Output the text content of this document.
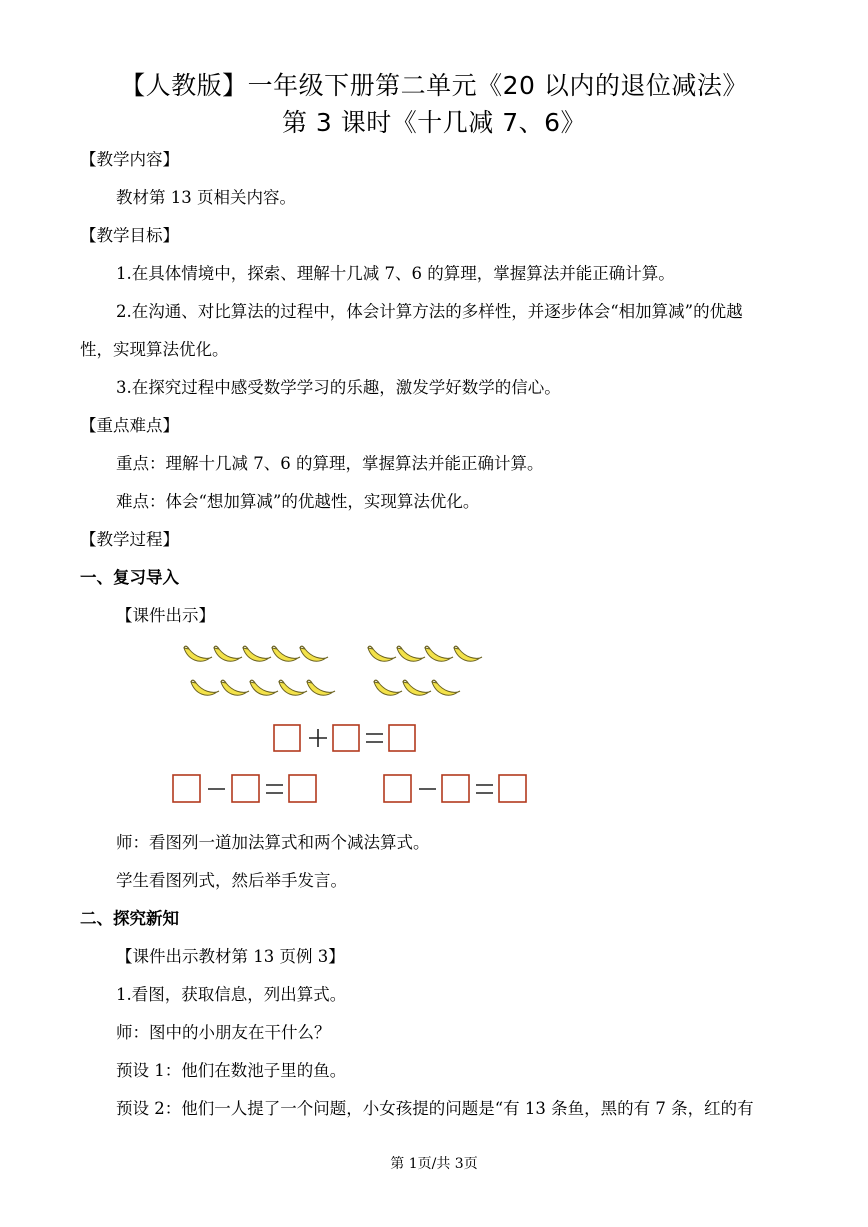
【人教版】一年级下册第二单元《20 以内的退位减法》
第 3 课时《十几减 7、6》
【教学内容】
教材第 13 页相关内容。
【教学目标】
1.在具体情境中，探索、理解十几减 7、6 的算理，掌握算法并能正确计算。
2.在沟通、对比算法的过程中，体会计算方法的多样性，并逐步体会“相加算减”的优越
性，实现算法优化。
3.在探究过程中感受数学学习的乐趣，激发学好数学的信心。
【重点难点】
重点：理解十几减 7、6 的算理，掌握算法并能正确计算。
难点：体会“想加算减”的优越性，实现算法优化。
【教学过程】
一、复习导入
【课件出示】
师：看图列一道加法算式和两个减法算式。
学生看图列式，然后举手发言。
二、探究新知
【课件出示教材第 13 页例 3】
1.看图，获取信息，列出算式。
师：图中的小朋友在干什么？
预设 1：他们在数池子里的鱼。
预设 2：他们一人提了一个问题，小女孩提的问题是“有 13 条鱼，黑的有 7 条，红的有
第 1页/共 3页
